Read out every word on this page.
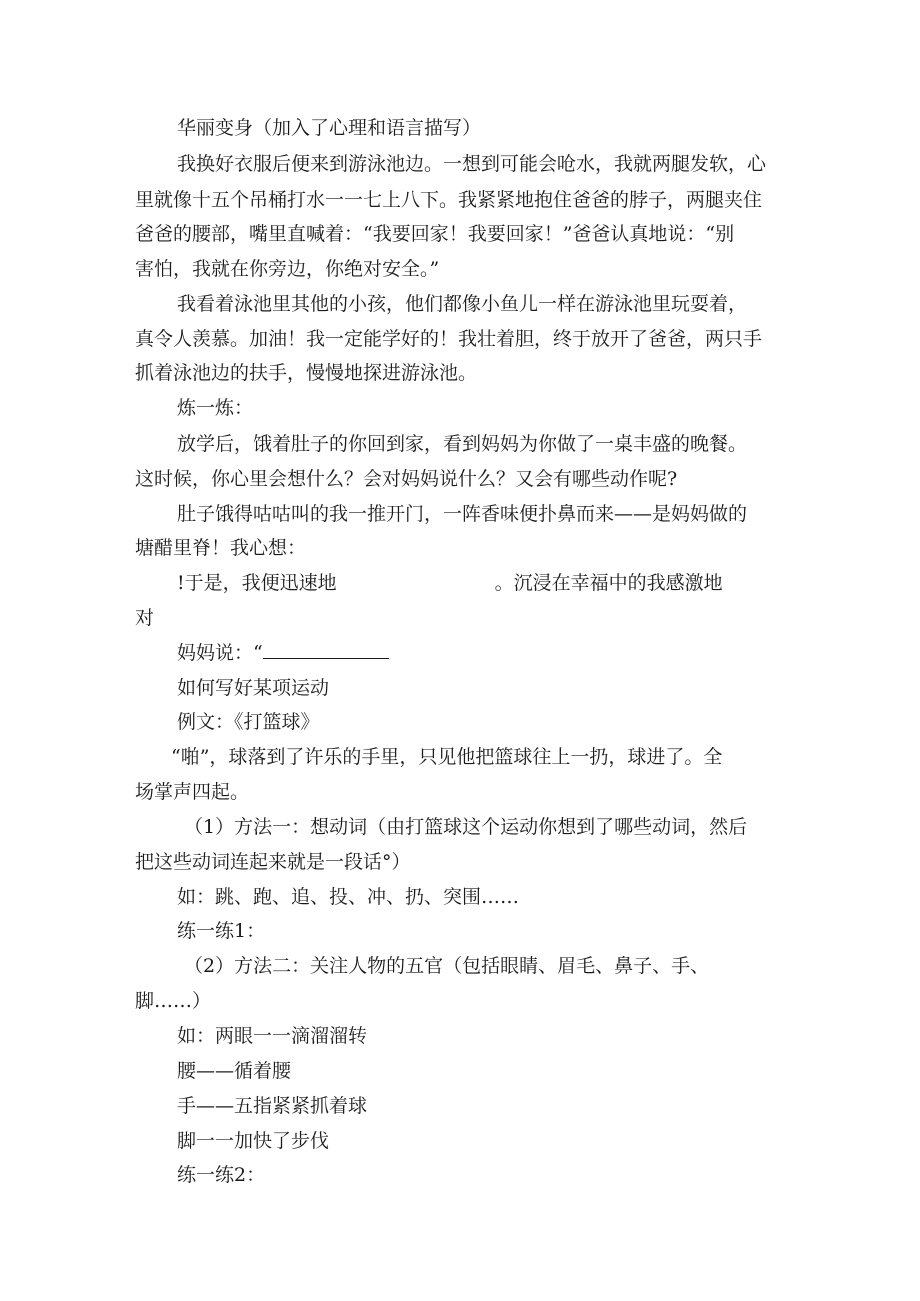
华丽变身（加入了心理和语言描写）
我换好衣服后便来到游泳池边。一想到可能会呛水，我就两腿发软，心
里就像十五个吊桶打水一一七上八下。我紧紧地抱住爸爸的脖子，两腿夹住
爸爸的腰部，嘴里直喊着：“我要回家！我要回家！”爸爸认真地说：“别
害怕，我就在你旁边，你绝对安全。”
我看着泳池里其他的小孩，他们都像小鱼儿一样在游泳池里玩耍着，
真令人羡慕。加油！我一定能学好的！我壮着胆，终于放开了爸爸，两只手
抓着泳池边的扶手，慢慢地探进游泳池。
炼一炼：
放学后，饿着肚子的你回到家，看到妈妈为你做了一桌丰盛的晚餐。
这时候，你心里会想什么？会对妈妈说什么？又会有哪些动作呢?
肚子饿得咕咕叫的我一推开门，一阵香味便扑鼻而来——是妈妈做的
塘醋里脊！我心想：
!于是，我便迅速地	。沉浸在幸福中的我感激地
对
妈妈说：“
如何写好某项运动
例文：《打篮球》
“啪”，球落到了许乐的手里，只见他把篮球往上一扔，球进了。全
场掌声四起。
（1）方法一：想动词（由打篮球这个运动你想到了哪些动词，然后
把这些动词连起来就是一段话°）
如：跳、跑、追、投、冲、扔、突围……
练一练1：
（2）方法二：关注人物的五官（包括眼睛、眉毛、鼻子、手、
脚……）
如：两眼一一滴溜溜转
腰——循着腰
手——五指紧紧抓着球
脚一一加快了步伐
练一练2：
